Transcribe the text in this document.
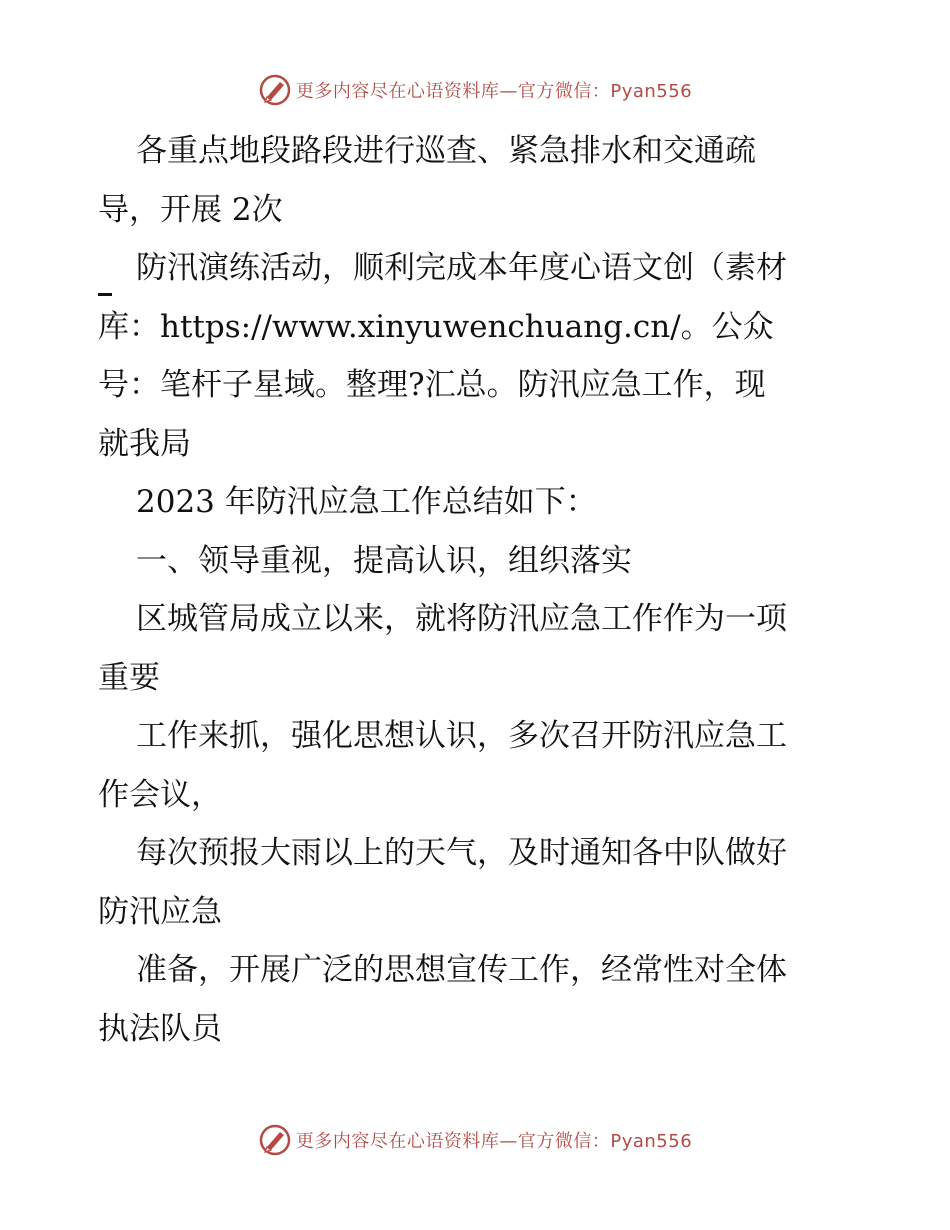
更多内容尽在心语资料库—官方微信：Pyan556
各重点地段路段进行巡查、紧急排水和交通疏
导，开展 2次
防汛演练活动，顺利完成本年度心语文创（素材
库：https://www.xinyuwenchuang.cn/。公众
号：笔杆子星域。整理?汇总。防汛应急工作，现
就我局
2023 年防汛应急工作总结如下：
一、领导重视，提高认识，组织落实
区城管局成立以来，就将防汛应急工作作为一项
重要
工作来抓，强化思想认识，多次召开防汛应急工
作会议，
每次预报大雨以上的天气，及时通知各中队做好
防汛应急
准备，开展广泛的思想宣传工作，经常性对全体
执法队员
更多内容尽在心语资料库—官方微信：Pyan556
